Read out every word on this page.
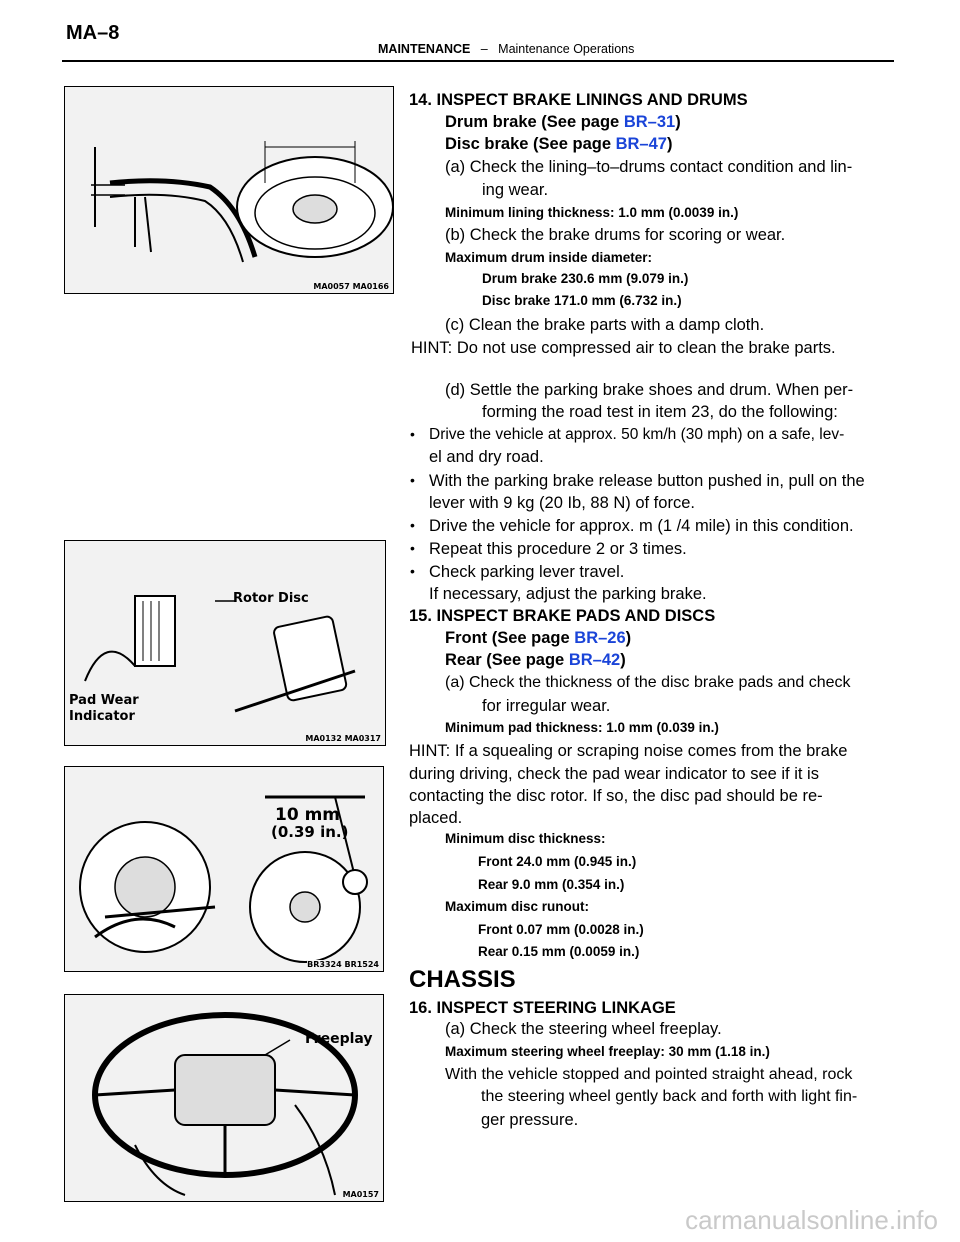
MA–8
MAINTENANCE – Maintenance Operations
MA0057 MA0166
Rotor Disc
Pad Wear
Indicator
MA0132 MA0317
10 mm
(0.39 in.)
BR3324 BR1524
Freeplay
MA0157
14. INSPECT BRAKE LININGS AND DRUMS
Drum brake (See page BR–31)
Disc brake (See page BR–47)
(a) Check the lining–to–drums contact condition and lin-
ing wear.
Minimum lining thickness: 1.0 mm (0.0039 in.)
(b) Check the brake drums for scoring or wear.
Maximum drum inside diameter:
Drum brake 230.6 mm (9.079 in.)
Disc brake 171.0 mm (6.732 in.)
(c) Clean the brake parts with a damp cloth.
HINT: Do not use compressed air to clean the brake parts.
(d) Settle the parking brake shoes and drum. When per-
forming the road test in item 23, do the following:
• Drive the vehicle at approx. 50 km/h (30 mph) on a safe, lev-
el and dry road.
• With the parking brake release button pushed in, pull on the
lever with 9 kg (20 Ib, 88 N) of force.
• Drive the vehicle for approx. m (1 /4 mile) in this condition.
• Repeat this procedure 2 or 3 times.
• Check parking lever travel.
If necessary, adjust the parking brake.
15. INSPECT BRAKE PADS AND DISCS
Front (See page BR–26)
Rear (See page BR–42)
(a) Check the thickness of the disc brake pads and check
for irregular wear.
Minimum pad thickness: 1.0 mm (0.039 in.)
HINT: If a squealing or scraping noise comes from the brake
during driving, check the pad wear indicator to see if it is
contacting the disc rotor. If so, the disc pad should be re-
placed.
Minimum disc thickness:
Front 24.0 mm (0.945 in.)
Rear 9.0 mm (0.354 in.)
Maximum disc runout:
Front 0.07 mm (0.0028 in.)
Rear 0.15 mm (0.0059 in.)
CHASSIS
16. INSPECT STEERING LINKAGE
(a) Check the steering wheel freeplay.
Maximum steering wheel freeplay: 30 mm (1.18 in.)
With the vehicle stopped and pointed straight ahead, rock
the steering wheel gently back and forth with light fin-
ger pressure.
carmanualsonline.info
